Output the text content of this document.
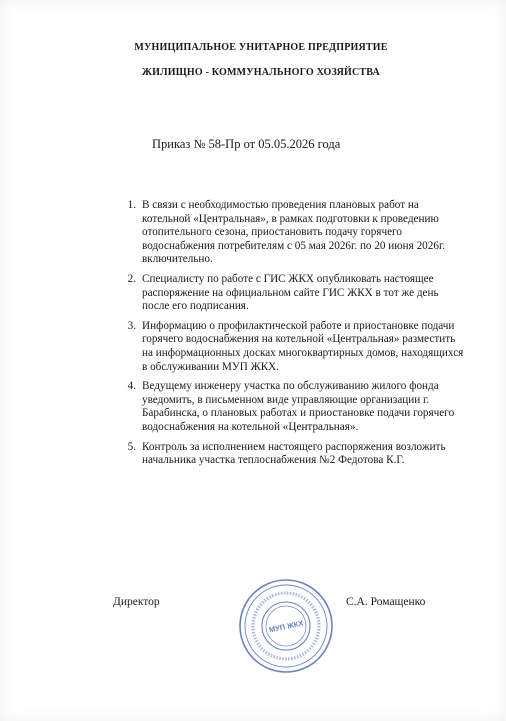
МУНИЦИПАЛЬНОЕ УНИТАРНОЕ ПРЕДПРИЯТИЕ
ЖИЛИЩНО - КОММУНАЛЬНОГО ХОЗЯЙСТВА
Приказ № 58-Пр от 05.05.2026 года
1. В связи с необходимостью проведения плановых работ на котельной «Центральная», в рамках подготовки к проведению отопительного сезона, приостановить подачу горячего водоснабжения потребителям с 05 мая 2026г. по 20 июня 2026г. включительно.
2. Специалисту по работе с ГИС ЖКХ опубликовать настоящее распоряжение на официальном сайте ГИС ЖКХ в тот же день после его подписания.
3. Информацию о профилактической работе и приостановке подачи горячего водоснабжения на котельной «Центральная» разместить на информационных досках многоквартирных домов, находящихся в обслуживании МУП ЖКХ.
4. Ведущему инженеру участка по обслуживанию жилого фонда уведомить, в письменном виде управляющие организации г. Барабинска, о плановых работах и приостановке подачи горячего водоснабжения на котельной «Центральная».
5. Контроль за исполнением настоящего распоряжения возложить начальника участка теплоснабжения №2 Федотова К.Г.
Директор	С.А. Ромащенко
МУП ЖКХ
